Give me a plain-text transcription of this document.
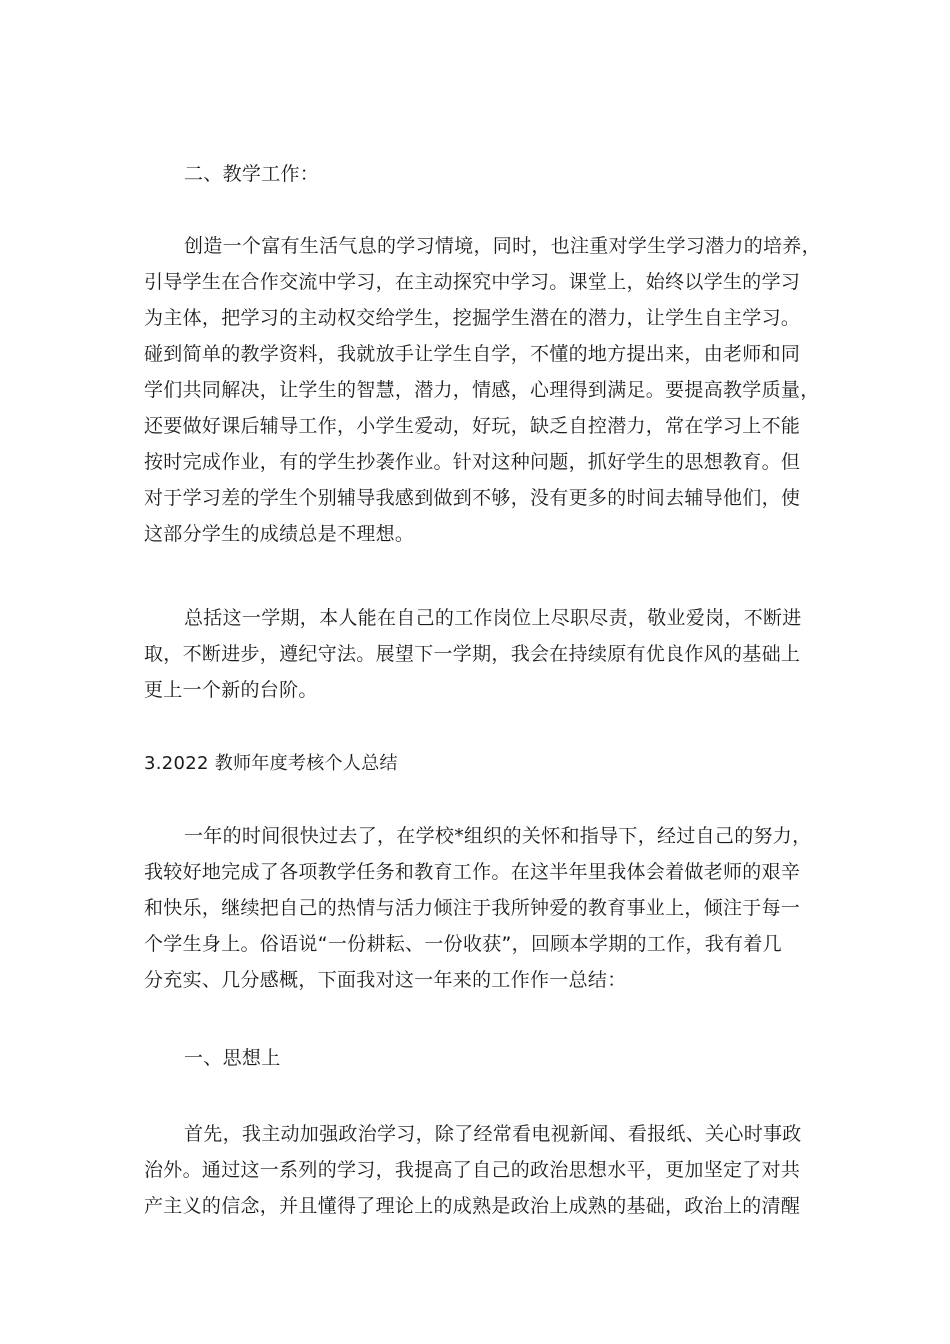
二、教学工作：

创造一个富有生活气息的学习情境，同时，也注重对学生学习潜力的培养，
引导学生在合作交流中学习，在主动探究中学习。课堂上，始终以学生的学习
为主体，把学习的主动权交给学生，挖掘学生潜在的潜力，让学生自主学习。
碰到简单的教学资料，我就放手让学生自学，不懂的地方提出来，由老师和同
学们共同解决，让学生的智慧，潜力，情感，心理得到满足。要提高教学质量，
还要做好课后辅导工作，小学生爱动，好玩，缺乏自控潜力，常在学习上不能
按时完成作业，有的学生抄袭作业。针对这种问题，抓好学生的思想教育。但
对于学习差的学生个别辅导我感到做到不够，没有更多的时间去辅导他们，使
这部分学生的成绩总是不理想。

总括这一学期，本人能在自己的工作岗位上尽职尽责，敬业爱岗，不断进
取，不断进步，遵纪守法。展望下一学期，我会在持续原有优良作风的基础上
更上一个新的台阶。

3.2022 教师年度考核个人总结

一年的时间很快过去了，在学校*组织的关怀和指导下，经过自己的努力，
我较好地完成了各项教学任务和教育工作。在这半年里我体会着做老师的艰辛
和快乐，继续把自己的热情与活力倾注于我所钟爱的教育事业上，倾注于每一
个学生身上。俗语说“一份耕耘、一份收获”，回顾本学期的工作，我有着几
分充实、几分感概，下面我对这一年来的工作作一总结：

一、思想上

首先，我主动加强政治学习，除了经常看电视新闻、看报纸、关心时事政
治外。通过这一系列的学习，我提高了自己的政治思想水平，更加坚定了对共
产主义的信念，并且懂得了理论上的成熟是政治上成熟的基础，政治上的清醒
